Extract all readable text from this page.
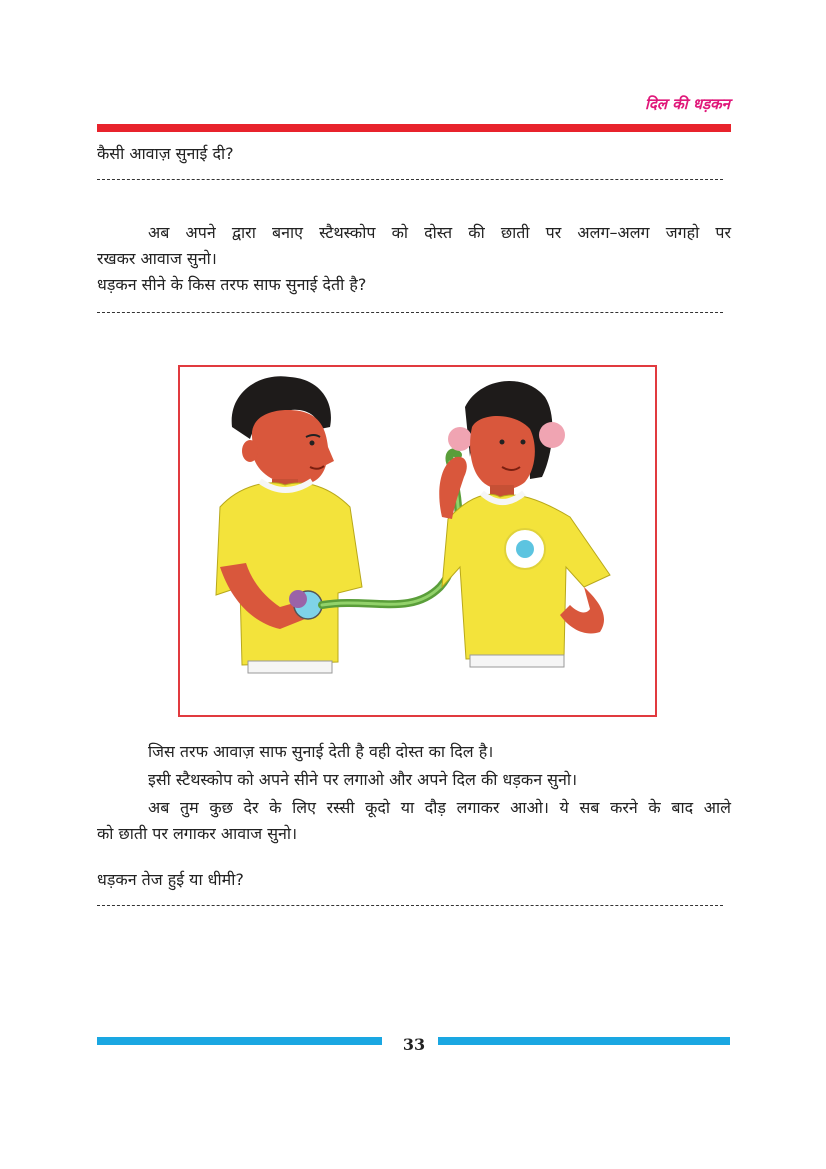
दिल की धड़कन
कैसी आवाज़ सुनाई दी?
अब अपने द्वारा बनाए स्टैथस्कोप को दोस्त की छाती पर अलग–अलग जगहो पर
रखकर आवाज सुनो।
धड़कन सीने के किस तरफ साफ सुनाई देती है?
जिस तरफ आवाज़ साफ सुनाई देती है वही दोस्त का दिल है।
इसी स्टैथस्कोप को अपने सीने पर लगाओ और अपने दिल की धड़कन सुनो।
अब तुम कुछ देर के लिए रस्सी कूदो या दौड़ लगाकर आओ। ये सब करने के बाद आले
को छाती पर लगाकर आवाज सुनो।
धड़कन तेज हुई या धीमी?
33
